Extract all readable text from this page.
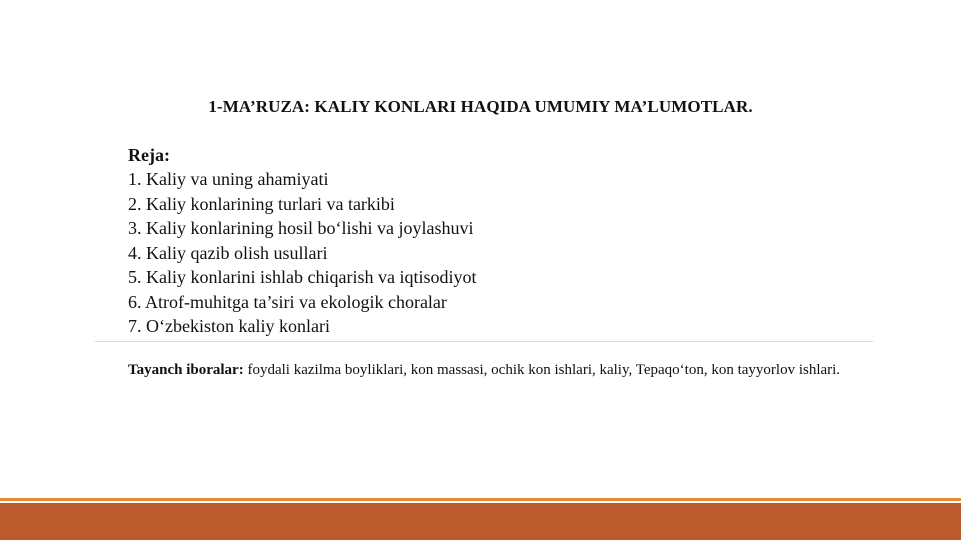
1-MA’RUZA: KALIY KONLARI HAQIDA UMUMIY MA’LUMOTLAR.
Reja:
1. Kaliy va uning ahamiyati
2. Kaliy konlarining turlari va tarkibi
3. Kaliy konlarining hosil bo‘lishi va joylashuvi
4. Kaliy qazib olish usullari
5. Kaliy konlarini ishlab chiqarish va iqtisodiyot
6. Atrof-muhitga ta’siri va ekologik choralar
7. O‘zbekiston kaliy konlari
Tayanch iboralar: foydali kazilma boyliklari, kon massasi, ochik kon ishlari, kaliy, Tepaqo‘ton, kon tayyorlov ishlari.
